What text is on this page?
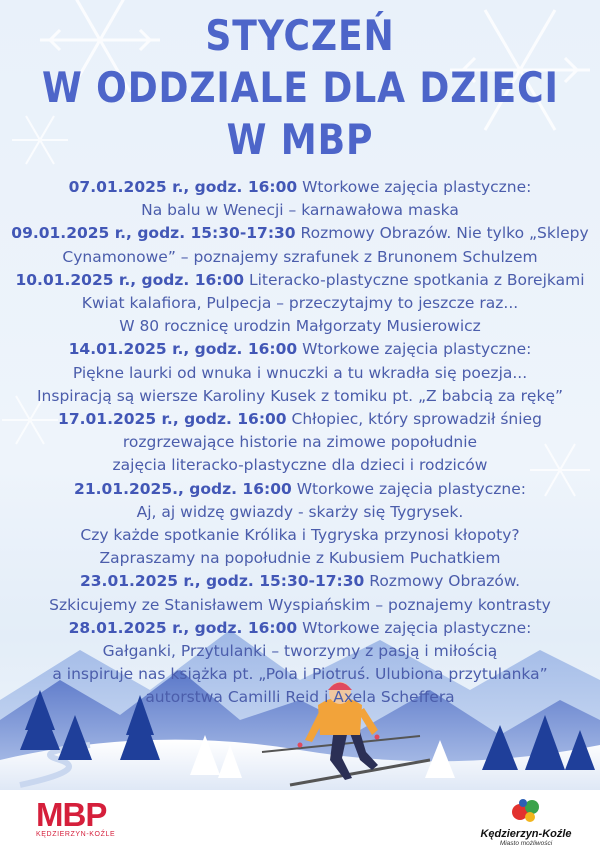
STYCZEŃ
W ODDZIALE DLA DZIECI
W MBP
07.01.2025 r., godz. 16:00 Wtorkowe zajęcia plastyczne:
Na balu w Wenecji – karnawałowa maska
09.01.2025 r., godz. 15:30-17:30 Rozmowy Obrazów. Nie tylko „Sklepy
Cynamonowe” – poznajemy szrafunek z Brunonem Schulzem
10.01.2025 r., godz. 16:00 Literacko-plastyczne spotkania z Borejkami
Kwiat kalafiora, Pulpecja – przeczytajmy to jeszcze raz...
W 80 rocznicę urodzin Małgorzaty Musierowicz
14.01.2025 r., godz. 16:00 Wtorkowe zajęcia plastyczne:
Piękne laurki od wnuka i wnuczki a tu wkradła się poezja...
Inspiracją są wiersze Karoliny Kusek z tomiku pt. „Z babcią za rękę”
17.01.2025 r., godz. 16:00 Chłopiec, który sprowadził śnieg
rozgrzewające historie na zimowe popołudnie
zajęcia literacko-plastyczne dla dzieci i rodziców
21.01.2025., godz. 16:00 Wtorkowe zajęcia plastyczne:
Aj, aj widzę gwiazdy - skarży się Tygrysek.
Czy każde spotkanie Królika i Tygryska przynosi kłopoty?
Zapraszamy na popołudnie z Kubusiem Puchatkiem
23.01.2025 r., godz. 15:30-17:30 Rozmowy Obrazów.
Szkicujemy ze Stanisławem Wyspiańskim – poznajemy kontrasty
28.01.2025 r., godz. 16:00 Wtorkowe zajęcia plastyczne:
Gałganki, Przytulanki – tworzymy z pasją i miłością
a inspiruje nas książka pt. „Pola i Piotruś. Ulubiona przytulanka”
autorstwa Camilli Reid i Axela Scheffera
MBP
KĘDZIERZYN-KOŹLE	Kędzierzyn-Koźle
Miasto możliwości
